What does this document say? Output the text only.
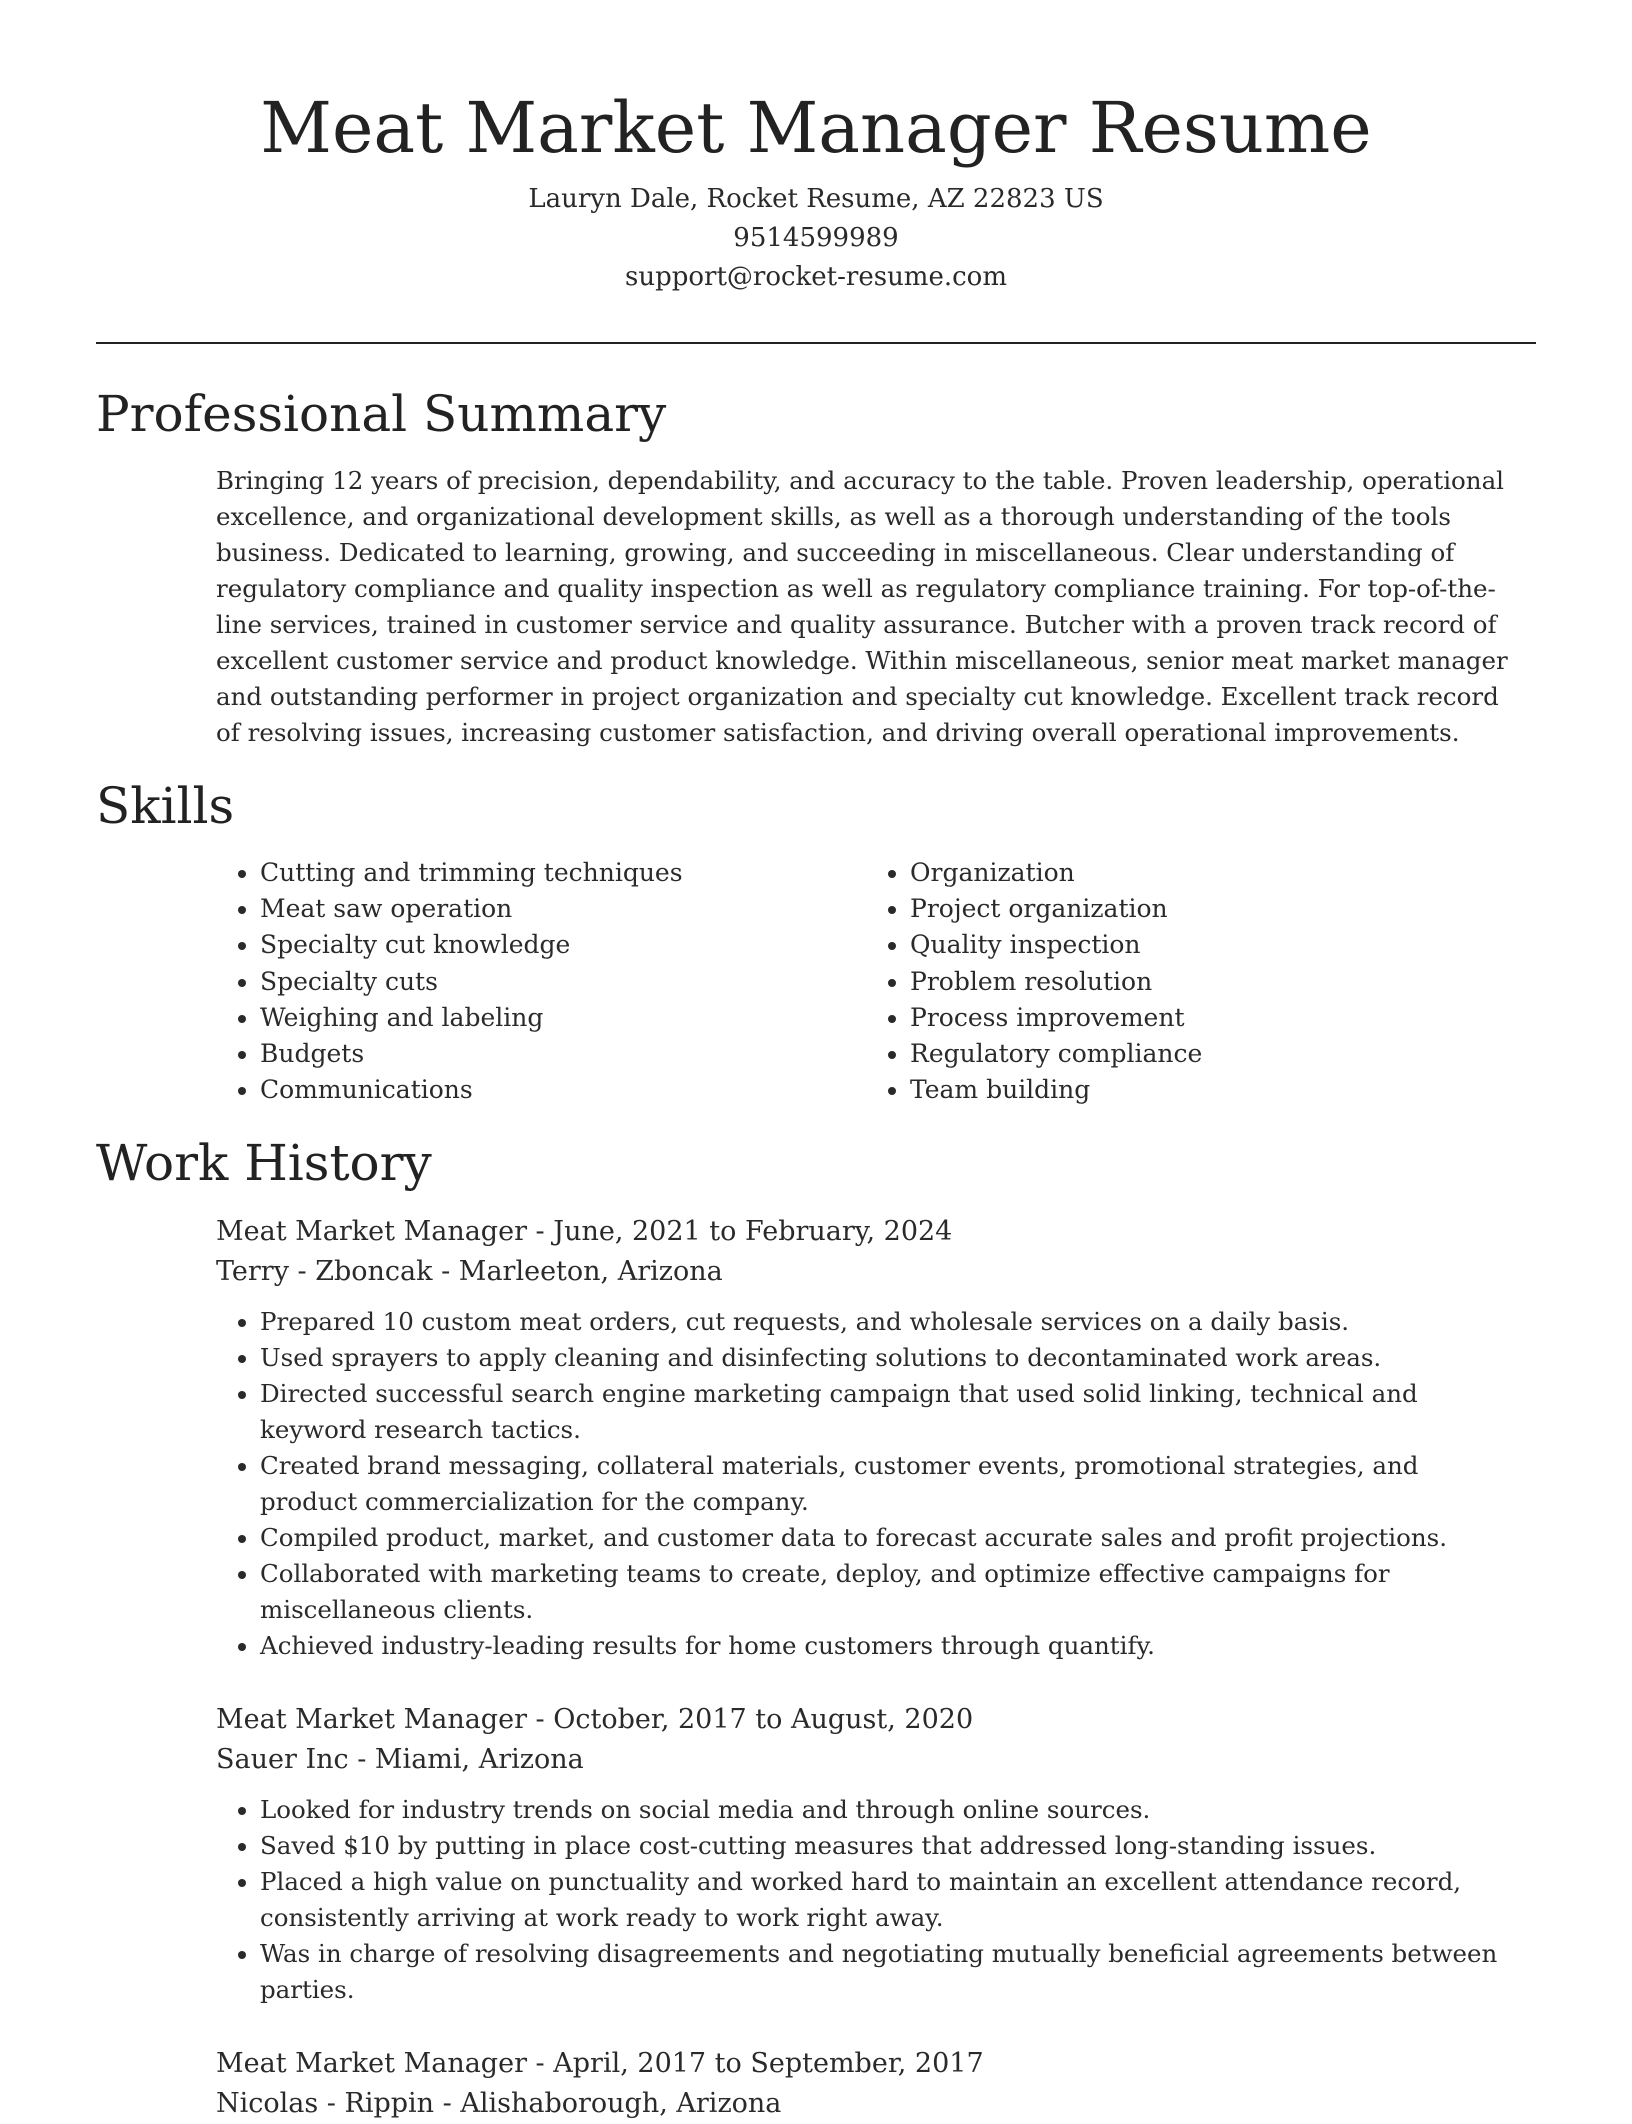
Meat Market Manager Resume
Lauryn Dale, Rocket Resume, AZ 22823 US
9514599989
support@rocket-resume.com
Professional Summary
Bringing 12 years of precision, dependability, and accuracy to the table. Proven leadership, operational excellence, and organizational development skills, as well as a thorough understanding of the tools business. Dedicated to learning, growing, and succeeding in miscellaneous. Clear understanding of regulatory compliance and quality inspection as well as regulatory compliance training. For top-of-the-line services, trained in customer service and quality assurance. Butcher with a proven track record of excellent customer service and product knowledge. Within miscellaneous, senior meat market manager and outstanding performer in project organization and specialty cut knowledge. Excellent track record of resolving issues, increasing customer satisfaction, and driving overall operational improvements.
Skills
• Cutting and trimming techniques
• Meat saw operation
• Specialty cut knowledge
• Specialty cuts
• Weighing and labeling
• Budgets
• Communications
• Organization
• Project organization
• Quality inspection
• Problem resolution
• Process improvement
• Regulatory compliance
• Team building
Work History
Meat Market Manager - June, 2021 to February, 2024
Terry - Zboncak - Marleeton, Arizona
• Prepared 10 custom meat orders, cut requests, and wholesale services on a daily basis.
• Used sprayers to apply cleaning and disinfecting solutions to decontaminated work areas.
• Directed successful search engine marketing campaign that used solid linking, technical and keyword research tactics.
• Created brand messaging, collateral materials, customer events, promotional strategies, and product commercialization for the company.
• Compiled product, market, and customer data to forecast accurate sales and profit projections.
• Collaborated with marketing teams to create, deploy, and optimize effective campaigns for miscellaneous clients.
• Achieved industry-leading results for home customers through quantify.
Meat Market Manager - October, 2017 to August, 2020
Sauer Inc - Miami, Arizona
• Looked for industry trends on social media and through online sources.
• Saved $10 by putting in place cost-cutting measures that addressed long-standing issues.
• Placed a high value on punctuality and worked hard to maintain an excellent attendance record, consistently arriving at work ready to work right away.
• Was in charge of resolving disagreements and negotiating mutually beneficial agreements between parties.
Meat Market Manager - April, 2017 to September, 2017
Nicolas - Rippin - Alishaborough, Arizona
